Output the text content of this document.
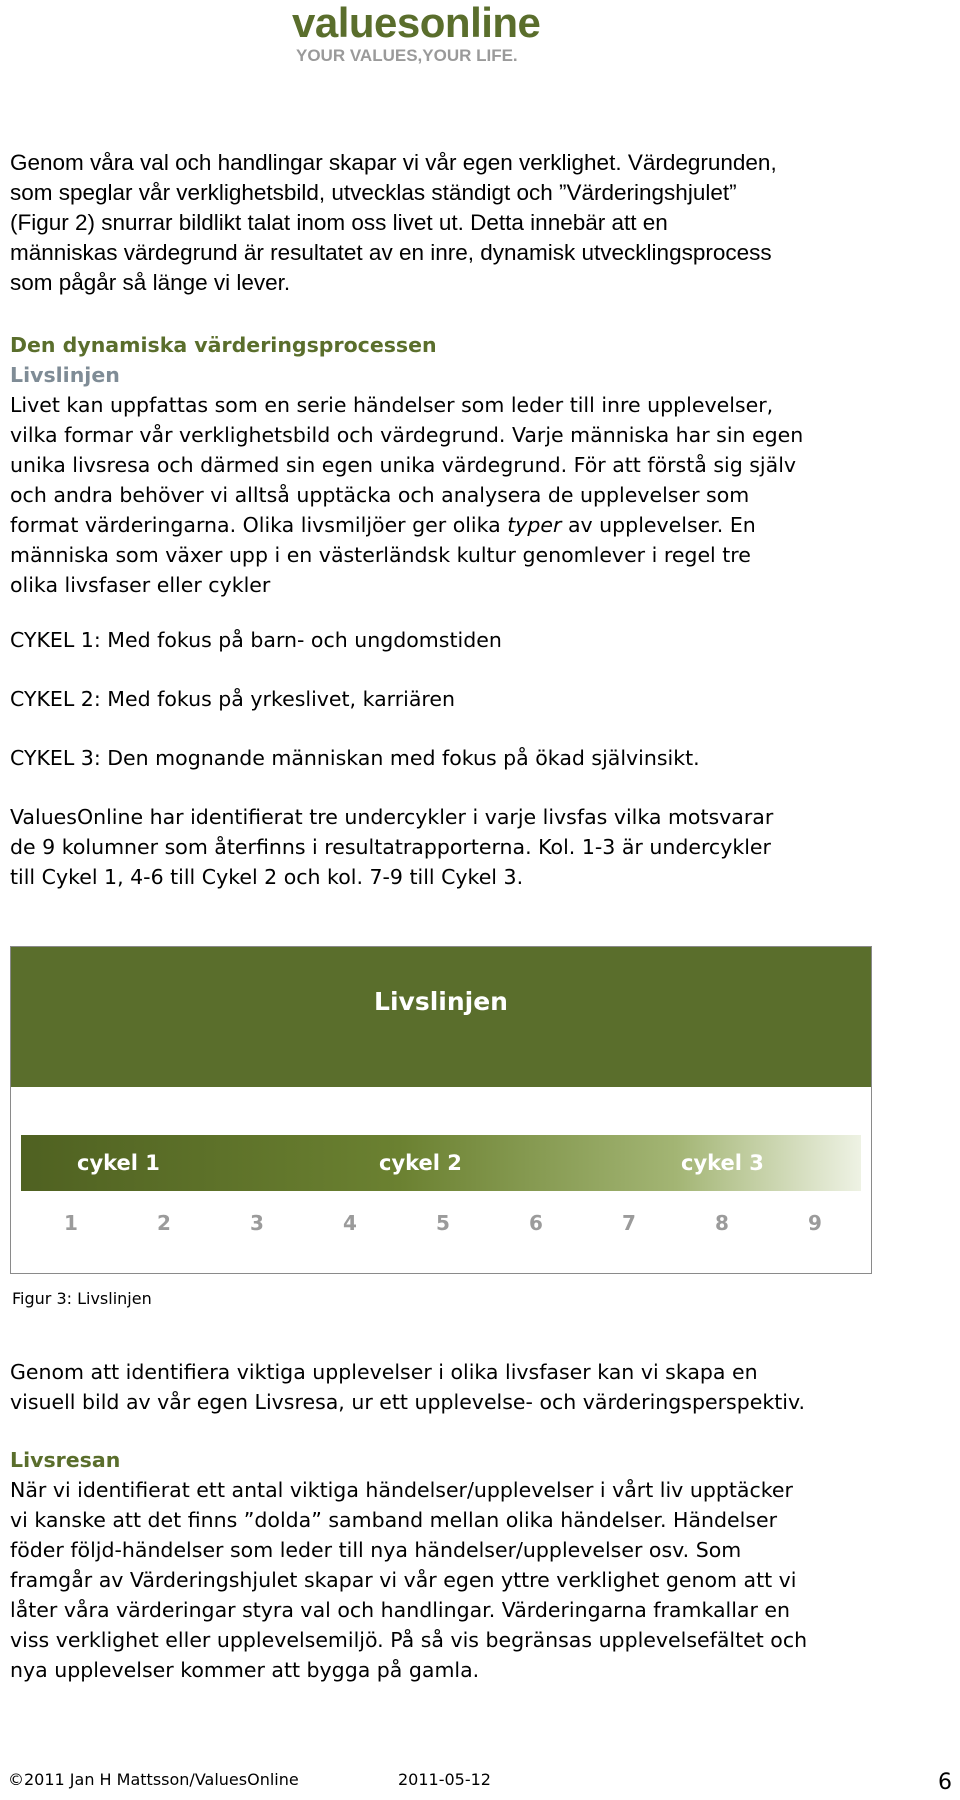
valuesonline
YOUR VALUES,YOUR LIFE.

Genom våra val och handlingar skapar vi vår egen verklighet. Värdegrunden,
som speglar vår verklighetsbild, utvecklas ständigt och ”Värderingshjulet”
(Figur 2) snurrar bildlikt talat inom oss livet ut. Detta innebär att en
människas värdegrund är resultatet av en inre, dynamisk utvecklingsprocess
som pågår så länge vi lever.

Den dynamiska värderingsprocessen
Livslinjen
Livet kan uppfattas som en serie händelser som leder till inre upplevelser,
vilka formar vår verklighetsbild och värdegrund. Varje människa har sin egen
unika livsresa och därmed sin egen unika värdegrund. För att förstå sig själv
och andra behöver vi alltså upptäcka och analysera de upplevelser som
format värderingarna. Olika livsmiljöer ger olika typer av upplevelser. En
människa som växer upp i en västerländsk kultur genomlever i regel tre
olika livsfaser eller cykler
CYKEL 1: Med fokus på barn- och ungdomstiden
CYKEL 2: Med fokus på yrkeslivet, karriären
CYKEL 3: Den mognande människan med fokus på ökad självinsikt.
ValuesOnline har identifierat tre undercykler i varje livsfas vilka motsvarar
de 9 kolumner som återfinns i resultatrapporterna. Kol. 1-3 är undercykler
till Cykel 1, 4-6 till Cykel 2 och kol. 7-9 till Cykel 3.
Livslinjen
cykel 1	cykel 2	cykel 3
1	2	3	4	5	6	7	8	9
Figur 3: Livslinjen
Genom att identifiera viktiga upplevelser i olika livsfaser kan vi skapa en
visuell bild av vår egen Livsresa, ur ett upplevelse- och värderingsperspektiv.
Livsresan
När vi identifierat ett antal viktiga händelser/upplevelser i vårt liv upptäcker
vi kanske att det finns ”dolda” samband mellan olika händelser. Händelser
föder följd-händelser som leder till nya händelser/upplevelser osv. Som
framgår av Värderingshjulet skapar vi vår egen yttre verklighet genom att vi
låter våra värderingar styra val och handlingar. Värderingarna framkallar en
viss verklighet eller upplevelsemiljö. På så vis begränsas upplevelsefältet och
nya upplevelser kommer att bygga på gamla.
©2011 Jan H Mattsson/ValuesOnline	2011-05-12	6
